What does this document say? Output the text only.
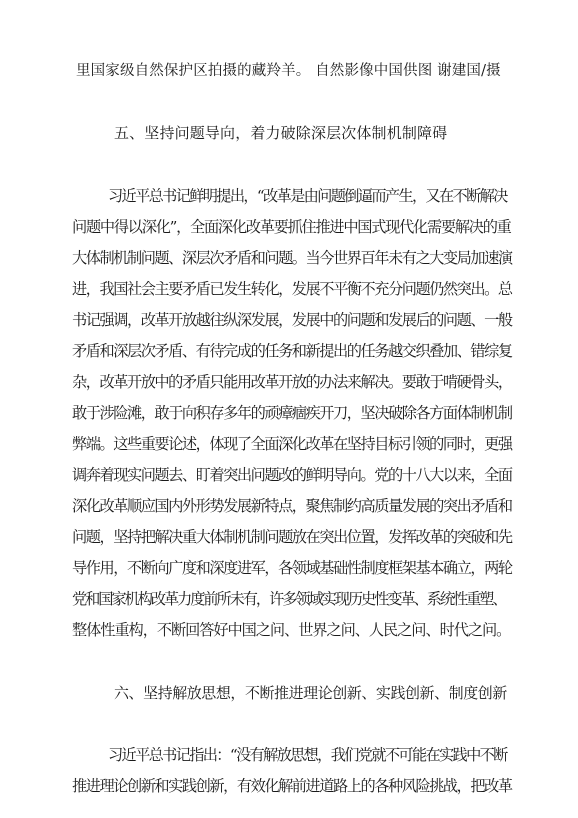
里国家级自然保护区拍摄的藏羚羊。 自然影像中国供图 谢建国/摄
五、坚持问题导向，着力破除深层次体制机制障碍
习近平总书记鲜明提出，“改革是由问题倒逼而产生，又在不断解决
问题中得以深化”，全面深化改革要抓住推进中国式现代化需要解决的重
大体制机制问题、深层次矛盾和问题。当今世界百年未有之大变局加速演
进，我国社会主要矛盾已发生转化，发展不平衡不充分问题仍然突出。总
书记强调，改革开放越往纵深发展，发展中的问题和发展后的问题、一般
矛盾和深层次矛盾、有待完成的任务和新提出的任务越交织叠加、错综复
杂，改革开放中的矛盾只能用改革开放的办法来解决。要敢于啃硬骨头，
敢于涉险滩，敢于向积存多年的顽瘴痼疾开刀，坚决破除各方面体制机制
弊端。这些重要论述，体现了全面深化改革在坚持目标引领的同时，更强
调奔着现实问题去、盯着突出问题改的鲜明导向。党的十八大以来，全面
深化改革顺应国内外形势发展新特点，聚焦制约高质量发展的突出矛盾和
问题，坚持把解决重大体制机制问题放在突出位置，发挥改革的突破和先
导作用，不断向广度和深度进军，各领域基础性制度框架基本确立，两轮
党和国家机构改革力度前所未有，许多领域实现历史性变革、系统性重塑、
整体性重构，不断回答好中国之问、世界之问、人民之问、时代之问。
六、坚持解放思想，不断推进理论创新、实践创新、制度创新
习近平总书记指出：“没有解放思想，我们党就不可能在实践中不断
推进理论创新和实践创新，有效化解前进道路上的各种风险挑战，把改革
